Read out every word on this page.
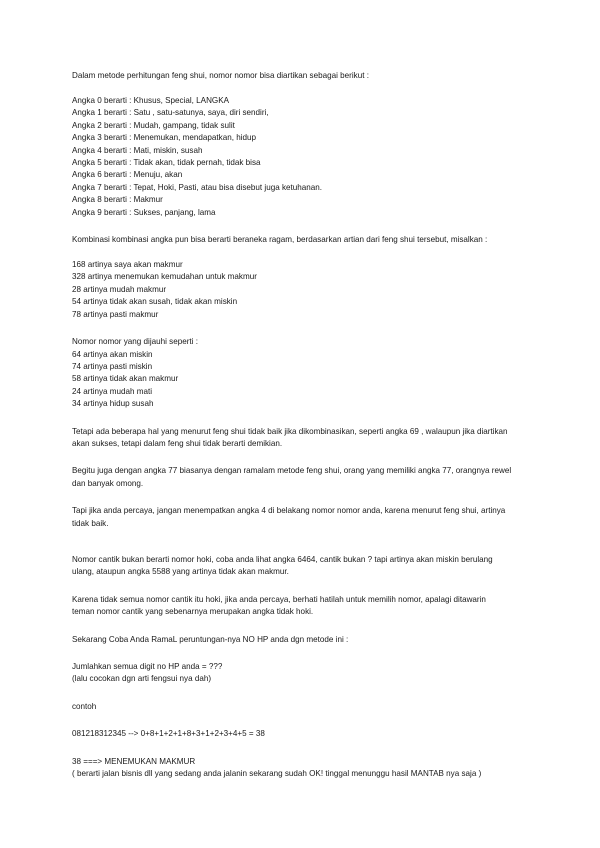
Dalam metode perhitungan feng shui, nomor nomor bisa diartikan sebagai berikut :
Angka 0 berarti : Khusus, Special, LANGKA
Angka 1 berarti : Satu , satu-satunya, saya, diri sendiri,
Angka 2 berarti : Mudah, gampang, tidak sulit
Angka 3 berarti : Menemukan, mendapatkan, hidup
Angka 4 berarti : Mati, miskin, susah
Angka 5 berarti : Tidak akan, tidak pernah, tidak bisa
Angka 6 berarti : Menuju, akan
Angka 7 berarti : Tepat, Hoki, Pasti, atau bisa disebut juga ketuhanan.
Angka 8 berarti : Makmur
Angka 9 berarti : Sukses, panjang, lama
Kombinasi kombinasi angka pun bisa berarti beraneka ragam, berdasarkan artian dari feng shui tersebut, misalkan :
168 artinya saya akan makmur
328 artinya menemukan kemudahan untuk makmur
28 artinya mudah makmur
54 artinya tidak akan susah, tidak akan miskin
78 artinya pasti makmur
Nomor nomor yang dijauhi seperti :
64 artinya akan miskin
74 artinya pasti miskin
58 artinya tidak akan makmur
24 artinya mudah mati
34 artinya hidup susah
Tetapi ada beberapa hal yang menurut feng shui tidak baik jika dikombinasikan, seperti angka 69 , walaupun jika diartikan
akan sukses, tetapi dalam feng shui tidak berarti demikian.
Begitu juga dengan angka 77 biasanya dengan ramalam metode feng shui, orang yang memiliki angka 77, orangnya rewel
dan banyak omong.
Tapi jika anda percaya, jangan menempatkan angka 4 di belakang nomor nomor anda, karena menurut feng shui, artinya
tidak baik.
Nomor cantik bukan berarti nomor hoki, coba anda lihat angka 6464, cantik bukan ? tapi artinya akan miskin berulang
ulang, ataupun angka 5588 yang artinya tidak akan makmur.
Karena tidak semua nomor cantik itu hoki, jika anda percaya, berhati hatilah untuk memilih nomor, apalagi ditawarin
teman nomor cantik yang sebenarnya merupakan angka tidak hoki.
Sekarang Coba Anda RamaL peruntungan-nya NO HP anda dgn metode ini :
Jumlahkan semua digit no HP anda = ???
(lalu cocokan dgn arti fengsui nya dah)
contoh
081218312345 --> 0+8+1+2+1+8+3+1+2+3+4+5 = 38
38 ===> MENEMUKAN MAKMUR
( berarti jalan bisnis dll yang sedang anda jalanin sekarang sudah OK! tinggal menunggu hasil MANTAB nya saja )
